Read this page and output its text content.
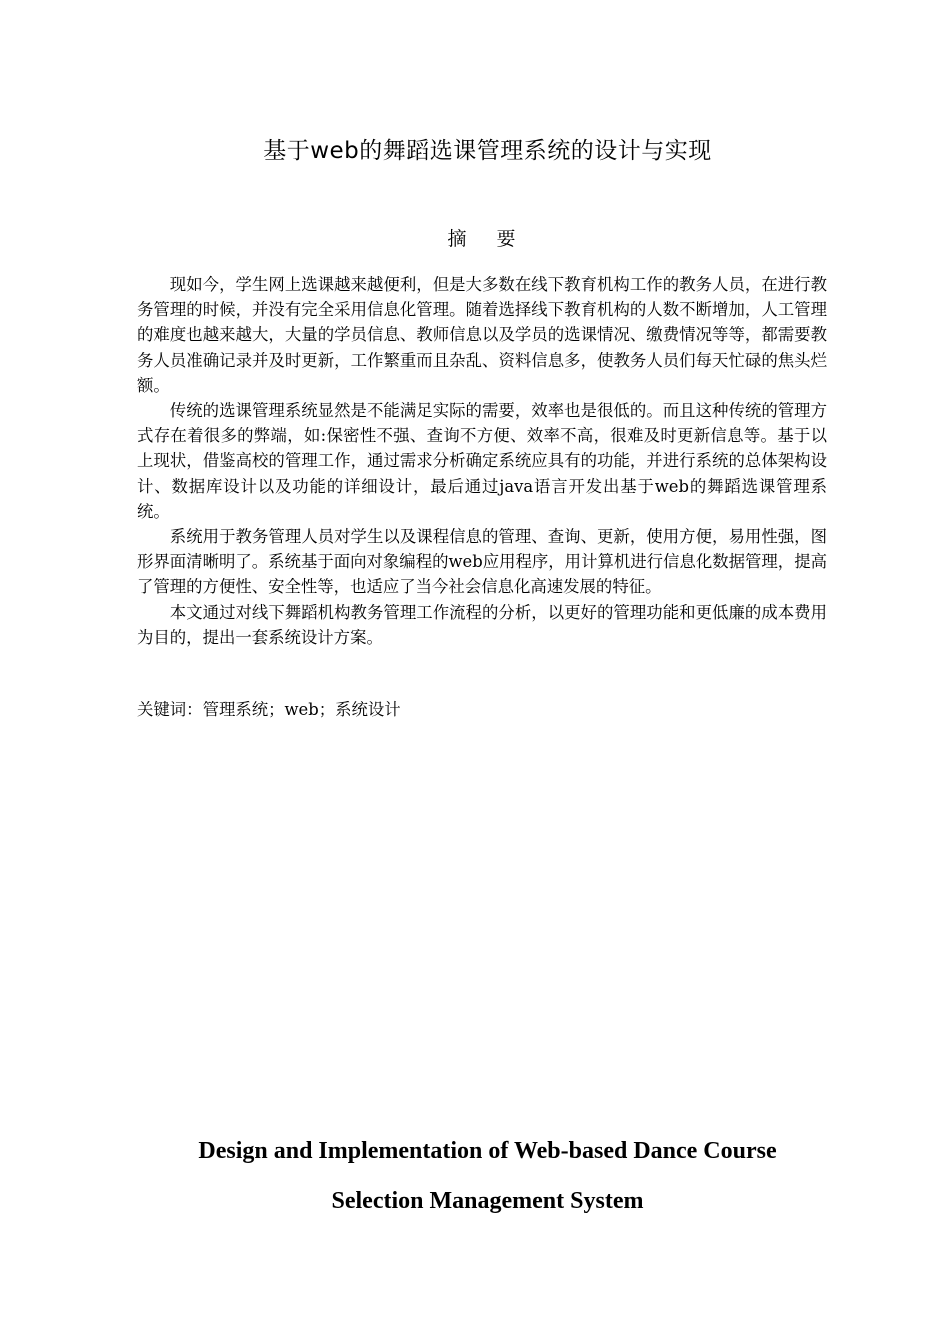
基于web的舞蹈选课管理系统的设计与实现
摘 要

现如今，学生网上选课越来越便利，但是大多数在线下教育机构工作的教务人员，在进行教务管理的时候，并没有完全采用信息化管理。随着选择线下教育机构的人数不断增加，人工管理的难度也越来越大，大量的学员信息、教师信息以及学员的选课情况、缴费情况等等，都需要教务人员准确记录并及时更新，工作繁重而且杂乱、资料信息多，使教务人员们每天忙碌的焦头烂额。

传统的选课管理系统显然是不能满足实际的需要，效率也是很低的。而且这种传统的管理方式存在着很多的弊端，如:保密性不强、查询不方便、效率不高，很难及时更新信息等。基于以上现状，借鉴高校的管理工作，通过需求分析确定系统应具有的功能，并进行系统的总体架构设计、数据库设计以及功能的详细设计，最后通过java语言开发出基于web的舞蹈选课管理系统。

系统用于教务管理人员对学生以及课程信息的管理、查询、更新，使用方便，易用性强，图形界面清晰明了。系统基于面向对象编程的web应用程序，用计算机进行信息化数据管理，提高了管理的方便性、安全性等，也适应了当今社会信息化高速发展的特征。

本文通过对线下舞蹈机构教务管理工作流程的分析，以更好的管理功能和更低廉的成本费用为目的，提出一套系统设计方案。

关键词：管理系统；web；系统设计
Design and Implementation of Web-based Dance Course
Selection Management System
